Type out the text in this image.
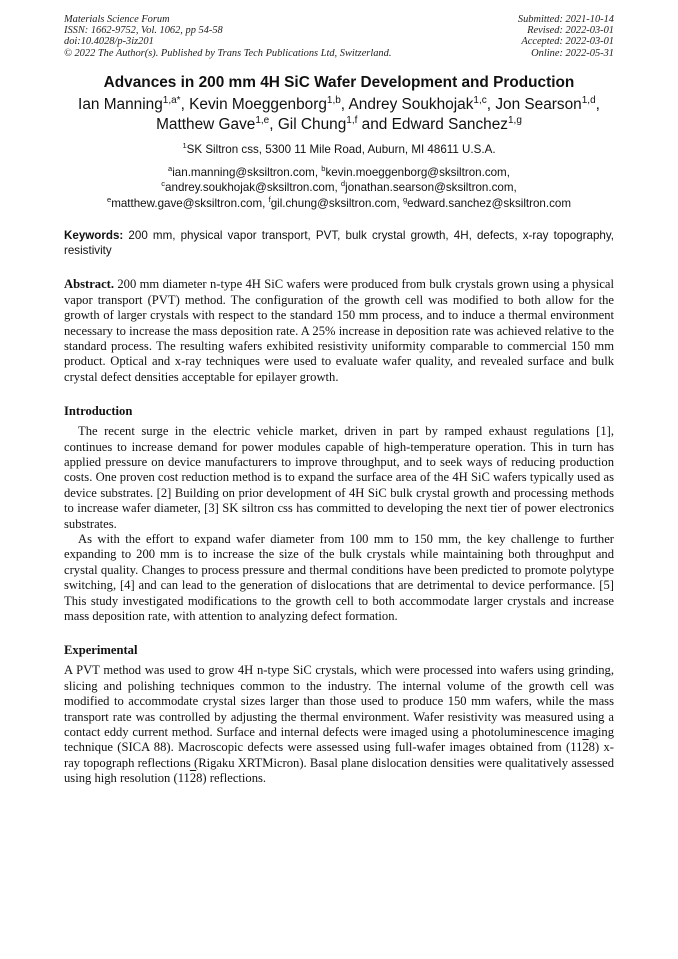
Materials Science Forum
ISSN: 1662-9752, Vol. 1062, pp 54-58
doi:10.4028/p-3iz201
© 2022 The Author(s). Published by Trans Tech Publications Ltd, Switzerland.
Submitted: 2021-10-14
Revised: 2022-03-01
Accepted: 2022-03-01
Online: 2022-05-31
Advances in 200 mm 4H SiC Wafer Development and Production
Ian Manning$^{1,a*}$, Kevin Moeggenborg$^{1,b}$, Andrey Soukhojak$^{1,c}$, Jon Searson$^{1,d}$,
Matthew Gave$^{1,e}$, Gil Chung$^{1,f}$ and Edward Sanchez$^{1,g}$
$^1$SK Siltron css, 5300 11 Mile Road, Auburn, MI 48611 U.S.A.
$^a$ian.manning@sksiltron.com, $^b$kevin.moeggenborg@sksiltron.com,
$^c$andrey.soukhojak@sksiltron.com, $^d$jonathan.searson@sksiltron.com,
$^e$matthew.gave@sksiltron.com, $^f$gil.chung@sksiltron.com, $^g$edward.sanchez@sksiltron.com
Keywords: 200 mm, physical vapor transport, PVT, bulk crystal growth, 4H, defects, x-ray topography, resistivity
Abstract. 200 mm diameter n-type 4H SiC wafers were produced from bulk crystals grown using a physical vapor transport (PVT) method. The configuration of the growth cell was modified to both allow for the growth of larger crystals with respect to the standard 150 mm process, and to induce a thermal environment necessary to increase the mass deposition rate. A 25% increase in deposition rate was achieved relative to the standard process. The resulting wafers exhibited resistivity uniformity comparable to commercial 150 mm product. Optical and x-ray techniques were used to evaluate wafer quality, and revealed surface and bulk crystal defect densities acceptable for epilayer growth.
Introduction

The recent surge in the electric vehicle market, driven in part by ramped exhaust regulations [1], continues to increase demand for power modules capable of high-temperature operation. This in turn has applied pressure on device manufacturers to improve throughput, and to seek ways of reducing production costs. One proven cost reduction method is to expand the surface area of the 4H SiC wafers typically used as device substrates. [2] Building on prior development of 4H SiC bulk crystal growth and processing methods to increase wafer diameter, [3] SK siltron css has committed to developing the next tier of power electronics substrates.

As with the effort to expand wafer diameter from 100 mm to 150 mm, the key challenge to further expanding to 200 mm is to increase the size of the bulk crystals while maintaining both throughput and crystal quality. Changes to process pressure and thermal conditions have been predicted to promote polytype switching, [4] and can lead to the generation of dislocations that are detrimental to device performance. [5] This study investigated modifications to the growth cell to both accommodate larger crystals and increase mass deposition rate, with attention to analyzing defect formation.

Experimental

A PVT method was used to grow 4H n-type SiC crystals, which were processed into wafers using grinding, slicing and polishing techniques common to the industry. The internal volume of the growth cell was modified to accommodate crystal sizes larger than those used to produce 150 mm wafers, while the mass transport rate was controlled by adjusting the thermal environment. Wafer resistivity was measured using a contact eddy current method. Surface and internal defects were imaged using a photoluminescence imaging technique (SICA 88). Macroscopic defects were assessed using full-wafer images obtained from (1128) x-ray topograph reflections (Rigaku XRTMicron). Basal plane dislocation densities were qualitatively assessed using high resolution (1128) reflections.
